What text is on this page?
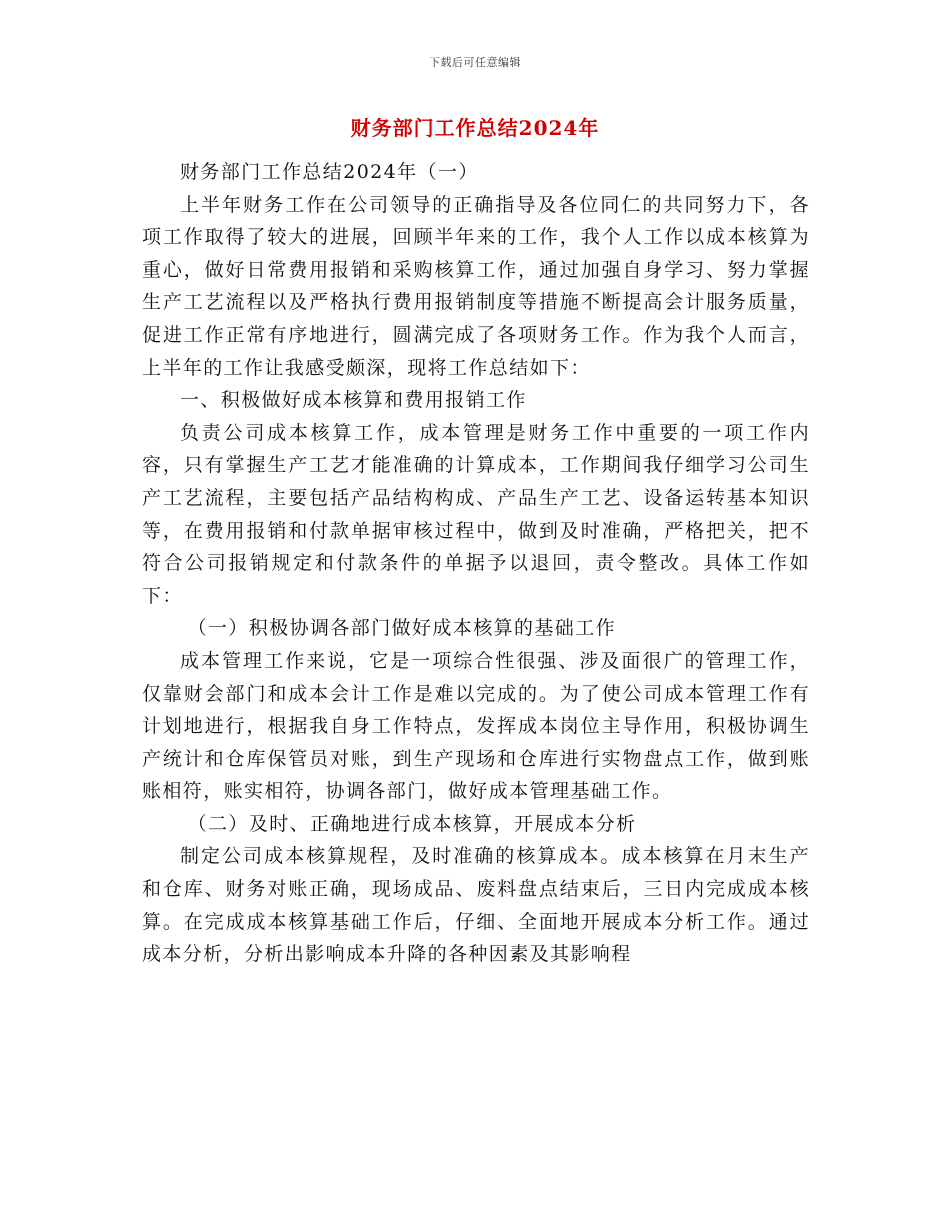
下载后可任意编辑
财务部门工作总结2024年

财务部门工作总结2024年（一）

上半年财务工作在公司领导的正确指导及各位同仁的共同努力下，各项工作取得了较大的进展，回顾半年来的工作，我个人工作以成本核算为重心，做好日常费用报销和采购核算工作，通过加强自身学习、努力掌握生产工艺流程以及严格执行费用报销制度等措施不断提高会计服务质量，促进工作正常有序地进行，圆满完成了各项财务工作。作为我个人而言，上半年的工作让我感受颇深，现将工作总结如下：

一、积极做好成本核算和费用报销工作

负责公司成本核算工作，成本管理是财务工作中重要的一项工作内容，只有掌握生产工艺才能准确的计算成本，工作期间我仔细学习公司生产工艺流程，主要包括产品结构构成、产品生产工艺、设备运转基本知识等，在费用报销和付款单据审核过程中，做到及时准确，严格把关，把不符合公司报销规定和付款条件的单据予以退回，责令整改。具体工作如下：

（一）积极协调各部门做好成本核算的基础工作

成本管理工作来说，它是一项综合性很强、涉及面很广的管理工作，仅靠财会部门和成本会计工作是难以完成的。为了使公司成本管理工作有计划地进行，根据我自身工作特点，发挥成本岗位主导作用，积极协调生产统计和仓库保管员对账，到生产现场和仓库进行实物盘点工作，做到账账相符，账实相符，协调各部门，做好成本管理基础工作。

（二）及时、正确地进行成本核算，开展成本分析

制定公司成本核算规程，及时准确的核算成本。成本核算在月末生产和仓库、财务对账正确，现场成品、废料盘点结束后，三日内完成成本核算。在完成成本核算基础工作后，仔细、全面地开展成本分析工作。通过成本分析，分析出影响成本升降的各种因素及其影响程
